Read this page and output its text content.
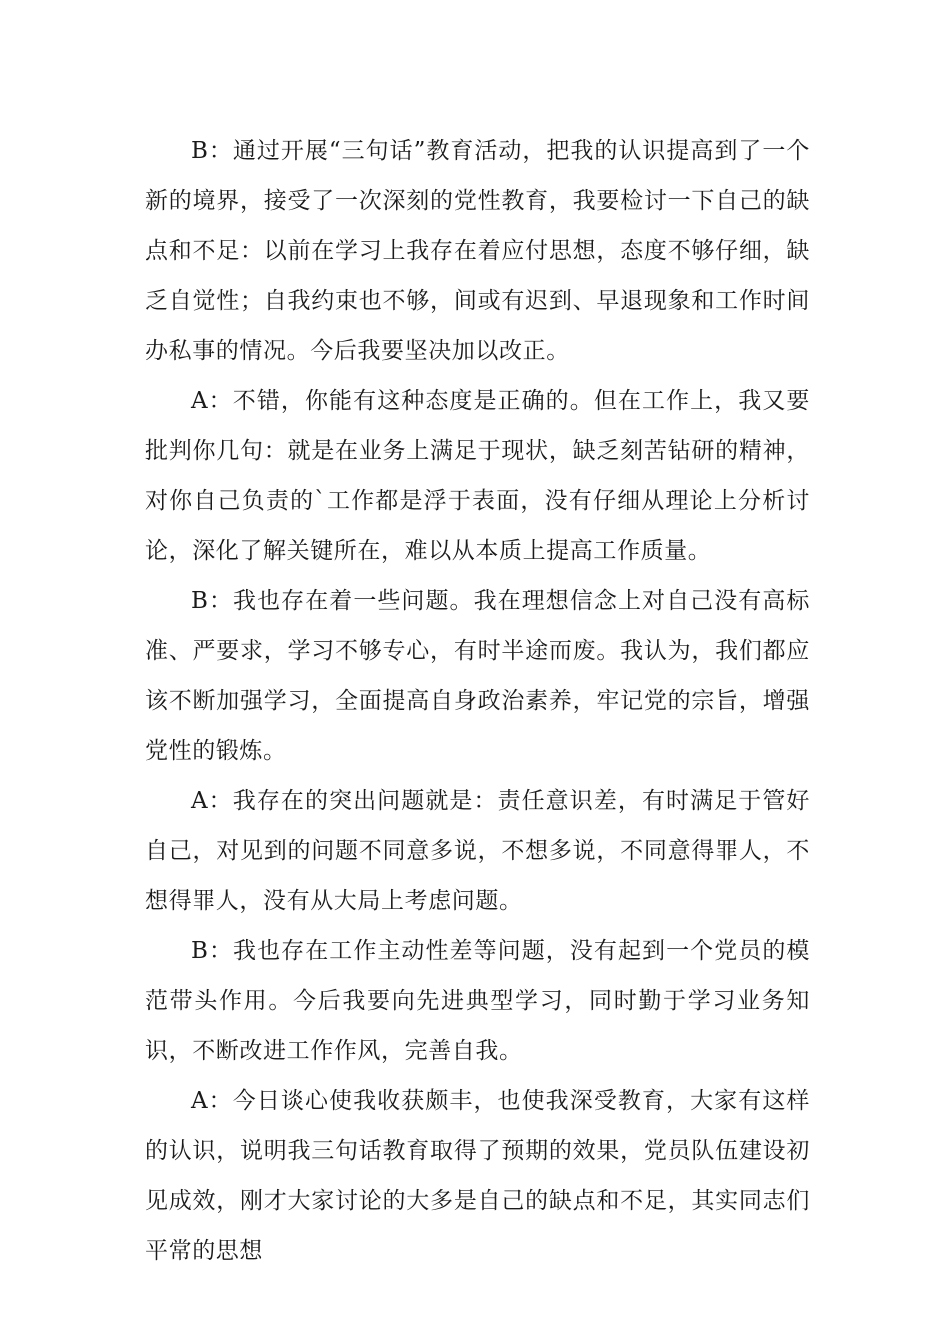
B：通过开展“三句话”教育活动，把我的认识提高到了一个新的境界，接受了一次深刻的党性教育，我要检讨一下自己的缺点和不足：以前在学习上我存在着应付思想，态度不够仔细，缺乏自觉性；自我约束也不够，间或有迟到、早退现象和工作时间办私事的情况。今后我要坚决加以改正。

A：不错，你能有这种态度是正确的。但在工作上，我又要批判你几句：就是在业务上满足于现状，缺乏刻苦钻研的精神，对你自己负责的`工作都是浮于表面，没有仔细从理论上分析讨论，深化了解关键所在，难以从本质上提高工作质量。

B：我也存在着一些问题。我在理想信念上对自己没有高标准、严要求，学习不够专心，有时半途而废。我认为，我们都应该不断加强学习，全面提高自身政治素养，牢记党的宗旨，增强党性的锻炼。

A：我存在的突出问题就是：责任意识差，有时满足于管好自己，对见到的问题不同意多说，不想多说，不同意得罪人，不想得罪人，没有从大局上考虑问题。

B：我也存在工作主动性差等问题，没有起到一个党员的模范带头作用。今后我要向先进典型学习，同时勤于学习业务知识，不断改进工作作风，完善自我。

A：今日谈心使我收获颇丰，也使我深受教育，大家有这样的认识，说明我三句话教育取得了预期的效果，党员队伍建设初见成效，刚才大家讨论的大多是自己的缺点和不足，其实同志们平常的思想
